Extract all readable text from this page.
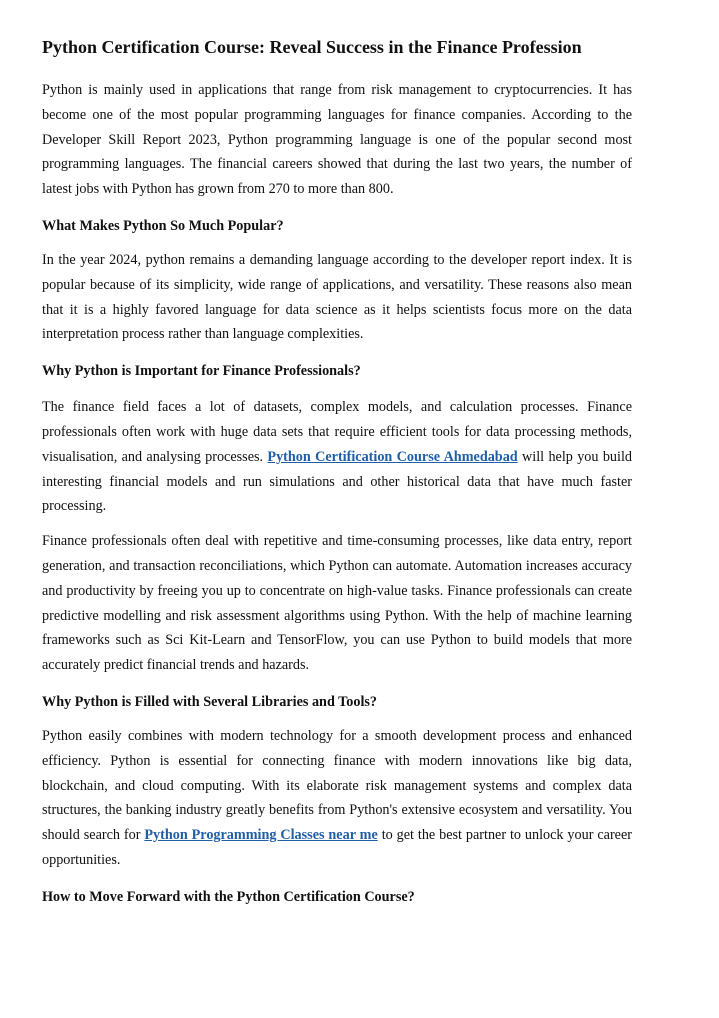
Python Certification Course: Reveal Success in the Finance Profession

Python is mainly used in applications that range from risk management to cryptocurrencies. It has become one of the most popular programming languages for finance companies. According to the Developer Skill Report 2023, Python programming language is one of the popular second most programming languages. The financial careers showed that during the last two years, the number of latest jobs with Python has grown from 270 to more than 800.

What Makes Python So Much Popular?

In the year 2024, python remains a demanding language according to the developer report index. It is popular because of its simplicity, wide range of applications, and versatility. These reasons also mean that it is a highly favored language for data science as it helps scientists focus more on the data interpretation process rather than language complexities.

Why Python is Important for Finance Professionals?

The finance field faces a lot of datasets, complex models, and calculation processes. Finance professionals often work with huge data sets that require efficient tools for data processing methods, visualisation, and analysing processes. Python Certification Course Ahmedabad will help you build interesting financial models and run simulations and other historical data that have much faster processing.

Finance professionals often deal with repetitive and time-consuming processes, like data entry, report generation, and transaction reconciliations, which Python can automate. Automation increases accuracy and productivity by freeing you up to concentrate on high-value tasks. Finance professionals can create predictive modelling and risk assessment algorithms using Python. With the help of machine learning frameworks such as Sci Kit-Learn and TensorFlow, you can use Python to build models that more accurately predict financial trends and hazards.

Why Python is Filled with Several Libraries and Tools?

Python easily combines with modern technology for a smooth development process and enhanced efficiency. Python is essential for connecting finance with modern innovations like big data, blockchain, and cloud computing. With its elaborate risk management systems and complex data structures, the banking industry greatly benefits from Python's extensive ecosystem and versatility. You should search for Python Programming Classes near me to get the best partner to unlock your career opportunities.

How to Move Forward with the Python Certification Course?
